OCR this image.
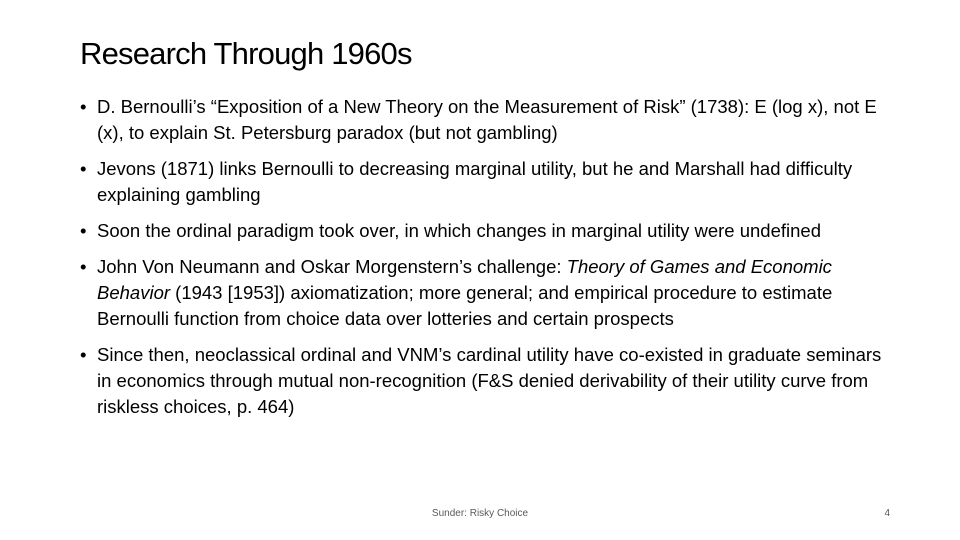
Research Through 1960s
• D. Bernoulli’s “Exposition of a New Theory on the Measurement of Risk” (1738): E (log x), not E (x), to explain St. Petersburg paradox (but not gambling)
• Jevons (1871) links Bernoulli to decreasing marginal utility, but he and Marshall had difficulty explaining gambling
• Soon the ordinal paradigm took over, in which changes in marginal utility were undefined
• John Von Neumann and Oskar Morgenstern’s challenge: Theory of Games and Economic Behavior (1943 [1953]) axiomatization; more general; and empirical procedure to estimate Bernoulli function from choice data over lotteries and certain prospects
• Since then, neoclassical ordinal and VNM’s cardinal utility have co-existed in graduate seminars in economics through mutual non-recognition (F&S denied derivability of their utility curve from riskless choices, p. 464)
Sunder: Risky Choice	4
